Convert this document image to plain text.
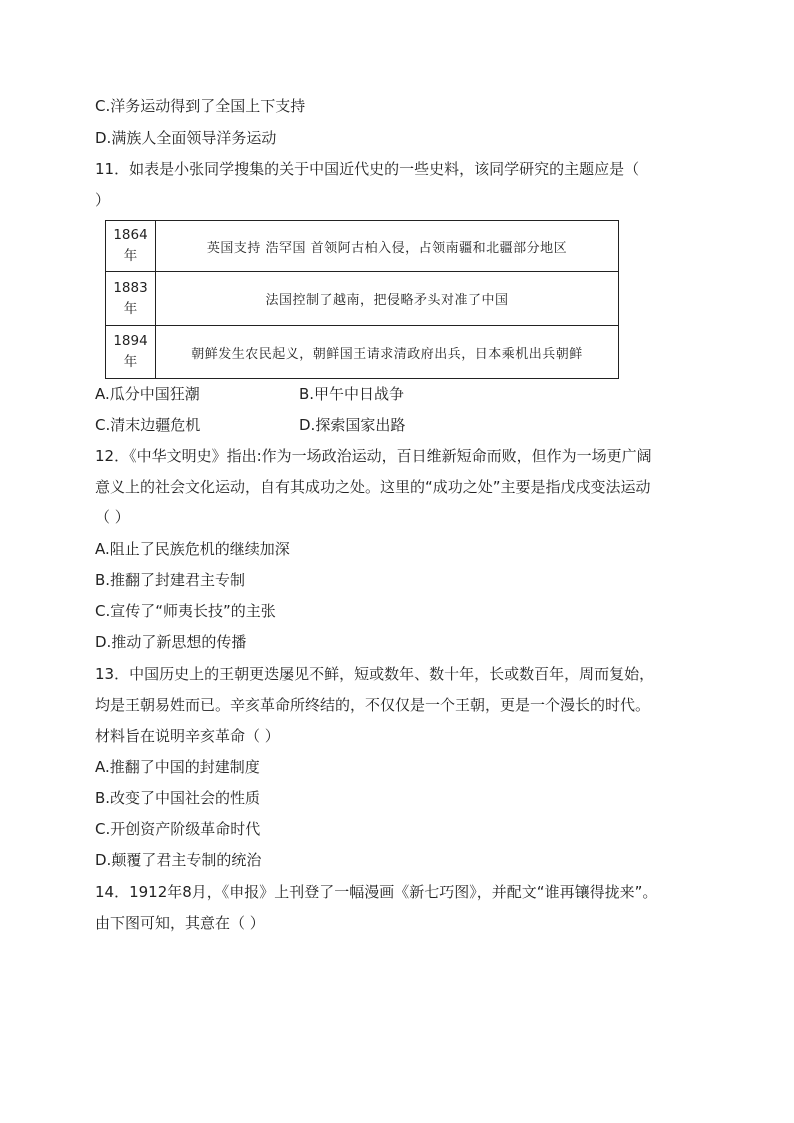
C.洋务运动得到了全国上下支持
D.满族人全面领导洋务运动
11．如表是小张同学搜集的关于中国近代史的一些史料，该同学研究的主题应是（
）
1864
年	英国支持 浩罕国 首领阿古柏入侵，占领南疆和北疆部分地区
1883
年	法国控制了越南，把侵略矛头对准了中国
1894
年	朝鲜发生农民起义，朝鲜国王请求清政府出兵，日本乘机出兵朝鲜
A.瓜分中国狂潮	B.甲午中日战争
C.清末边疆危机	D.探索国家出路
12．《中华文明史》指出:作为一场政治运动，百日维新短命而败，但作为一场更广阔
意义上的社会文化运动，自有其成功之处。这里的“成功之处”主要是指戊戌变法运动
（ ）
A.阻止了民族危机的继续加深
B.推翻了封建君主专制
C.宣传了“师夷长技”的主张
D.推动了新思想的传播
13．中国历史上的王朝更迭屡见不鲜，短或数年、数十年，长或数百年，周而复始，
均是王朝易姓而已。辛亥革命所终结的，不仅仅是一个王朝，更是一个漫长的时代。
材料旨在说明辛亥革命（ ）
A.推翻了中国的封建制度
B.改变了中国社会的性质
C.开创资产阶级革命时代
D.颠覆了君主专制的统治
14．1912年8月，《申报》上刊登了一幅漫画《新七巧图》，并配文“谁再镶得拢来”。
由下图可知，其意在（ ）
